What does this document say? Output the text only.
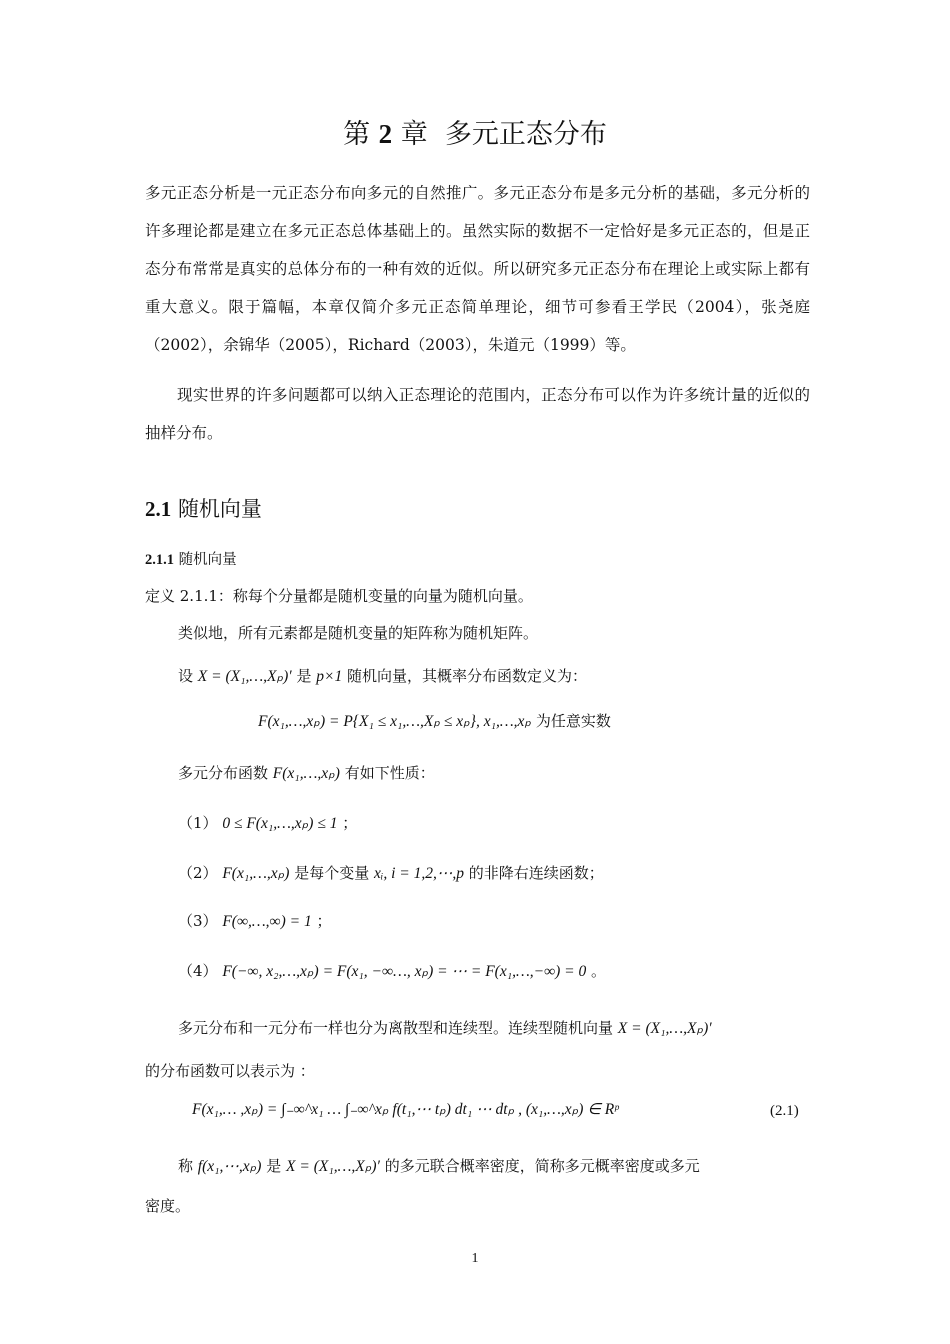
第 2 章 多元正态分布

多元正态分析是一元正态分布向多元的自然推广。多元正态分布是多元分析的基础，多元分析的许多理论都是建立在多元正态总体基础上的。虽然实际的数据不一定恰好是多元正态的，但是正态分布常常是真实的总体分布的一种有效的近似。所以研究多元正态分布在理论上或实际上都有重大意义。限于篇幅，本章仅简介多元正态简单理论，细节可参看王学民（2004），张尧庭（2002），余锦华（2005），Richard（2003），朱道元（1999）等。

现实世界的许多问题都可以纳入正态理论的范围内，正态分布可以作为许多统计量的近似的抽样分布。

2.1 随机向量
2.1.1 随机向量
定义 2.1.1：称每个分量都是随机变量的向量为随机向量。
类似地，所有元素都是随机变量的矩阵称为随机矩阵。
设 X = (X₁,…,Xₚ)′ 是 p×1 随机向量，其概率分布函数定义为：
F(x₁,…,xₚ) = P{X₁ ≤ x₁,…,Xₚ ≤ xₚ}, x₁,…,xₚ 为任意实数
多元分布函数 F(x₁,…,xₚ) 有如下性质：
（1） 0 ≤ F(x₁,…,xₚ) ≤ 1 ；
（2） F(x₁,…,xₚ) 是每个变量 xᵢ, i = 1,2,⋯,p 的非降右连续函数；
（3） F(∞,…,∞) = 1 ；
（4） F(−∞, x₂,…,xₚ) = F(x₁, −∞…, xₚ) = ⋯ = F(x₁,…,−∞) = 0 。
多元分布和一元分布一样也分为离散型和连续型。连续型随机向量 X = (X₁,…,Xₚ)′
的分布函数可以表示为 ：
F(x₁,… ,xₚ) = ∫₋∞^x₁ … ∫₋∞^xₚ f(t₁,⋯ tₚ) dt₁ ⋯ dtₚ , (x₁,…,xₚ) ∈ Rᵖ	(2.1)
称 f(x₁,⋯,xₚ) 是 X = (X₁,…,Xₚ)′ 的多元联合概率密度，简称多元概率密度或多元
密度。
1
